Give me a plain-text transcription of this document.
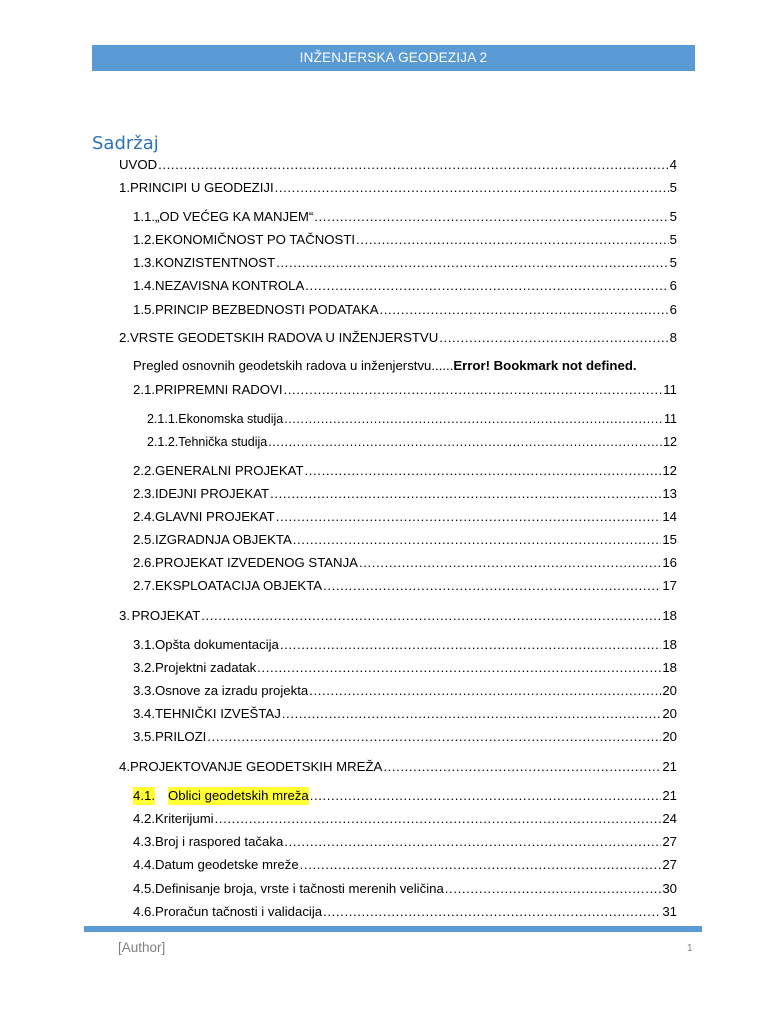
INŽENJERSKA GEODEZIJA 2
Sadržaj
UVOD .....	4
1. PRINCIPI U GEODEZIJI .....	5
1.1. „OD VEĆEG KA MANJEM“ .....	5
1.2. EKONOMIČNOST PO TAČNOSTI .....	5
1.3. KONZISTENTNOST .....	5
1.4. NEZAVISNA KONTROLA .....	6
1.5. PRINCIP BEZBEDNOSTI PODATAKA .....	6
2. VRSTE GEODETSKIH RADOVA U INŽENJERSTVU .....	8
Pregled osnovnih geodetskih radova u inženjerstvu ...... Error! Bookmark not defined.
2.1. PRIPREMNI RADOVI .....	11
2.1.1. Ekonomska studija .....	11
2.1.2. Tehnička studija .....	12
2.2. GENERALNI PROJEKAT .....	12
2.3. IDEJNI PROJEKAT .....	13
2.4. GLAVNI PROJEKAT .....	14
2.5. IZGRADNJA OBJEKTA .....	15
2.6. PROJEKAT IZVEDENOG STANJA .....	16
2.7. EKSPLOATACIJA OBJEKTA .....	17
3. PROJEKAT .....	18
3.1. Opšta dokumentacija .....	18
3.2. Projektni zadatak .....	18
3.3. Osnove za izradu projekta .....	20
3.4. TEHNIČKI IZVEŠTAJ .....	20
3.5. PRILOZI .....	20
4. PROJEKTOVANJE GEODETSKIH MREŽA .....	21
4.1. Oblici geodetskih mreža .....	21
4.2. Kriterijumi .....	24
4.3. Broj i raspored tačaka .....	27
4.4. Datum geodetske mreže .....	27
4.5. Definisanje broja, vrste i tačnosti merenih veličina .....	30
4.6. Proračun tačnosti i validacija .....	31
[Author]	1
